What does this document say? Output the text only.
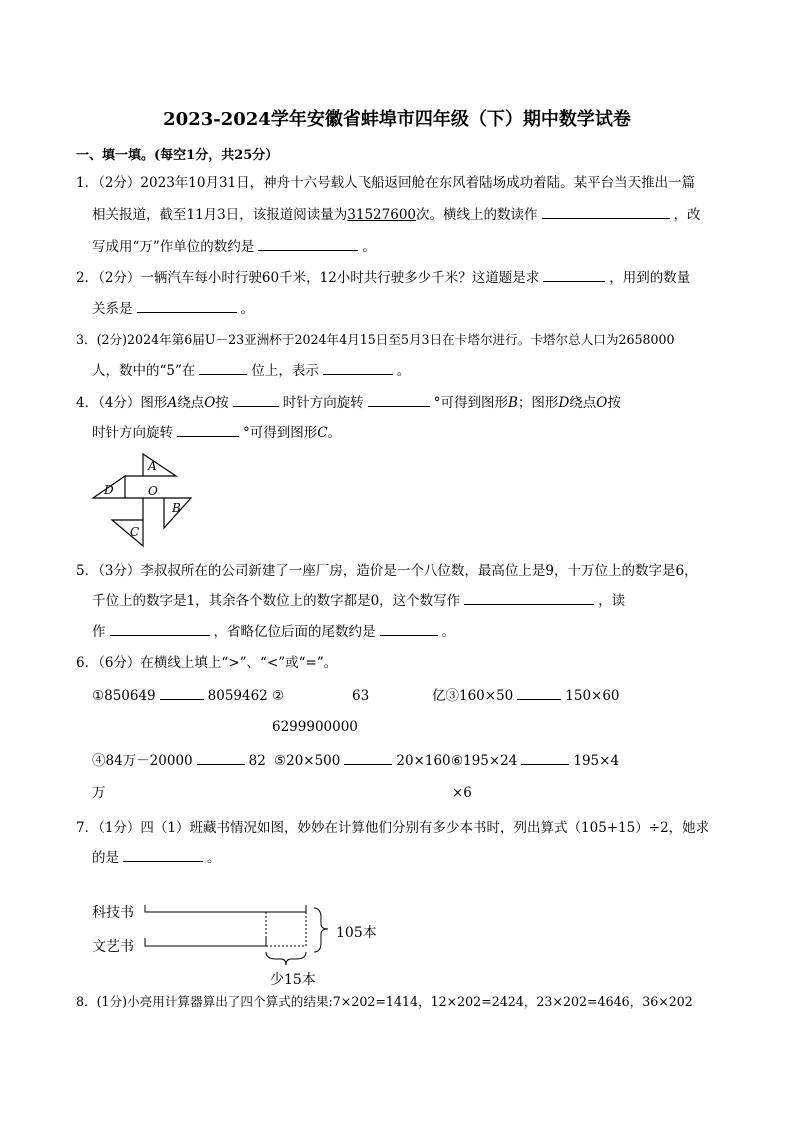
2023-2024学年安徽省蚌埠市四年级（下）期中数学试卷
一、填一填。(每空1分，共25分）
1．（2分）2023年10月31日，神舟十六号载人飞船返回舱在东风着陆场成功着陆。某平台当天推出一篇
相关报道，截至11月3日，该报道阅读量为31527600次。横线上的数读作	，改
写成用“万”作单位的数约是	。
2．（2分）一辆汽车每小时行驶60千米，12小时共行驶多少千米？这道题是求	，用到的数量
关系是	。
3．(2分)2024年第6届U－23亚洲杯于2024年4月15日至5月3日在卡塔尔进行。卡塔尔总人口为2658000
人，数中的“5”在	位上，表示	。
4．（4分）图形A绕点O按	时针方向旋转	°可得到图形B；图形D绕点O按
时针方向旋转	°可得到图形C。
A
D	O
B
C
5．（3分）李叔叔所在的公司新建了一座厂房，造价是一个八位数，最高位上是9，十万位上的数字是6，
千位上的数字是1，其余各个数位上的数字都是0，这个数写作	，读
作	，省略亿位后面的尾数约是	。
6．（6分）在横线上填上“>”、“<”或“=”。
①850649	8059462 ②	63	亿③160×50	150×60
6299900000
④84万－20000	82 ⑤20×500	20×160 ⑥195×24	195×4
万	×6
7．（1分）四（1）班藏书情况如图，妙妙在计算他们分别有多少本书时，列出算式（105+15）÷2，她求
的是	。
科技书
文艺书
105本
少15本
8．(1分)小亮用计算器算出了四个算式的结果:7×202=1414，12×202=2424，23×202=4646，36×202
